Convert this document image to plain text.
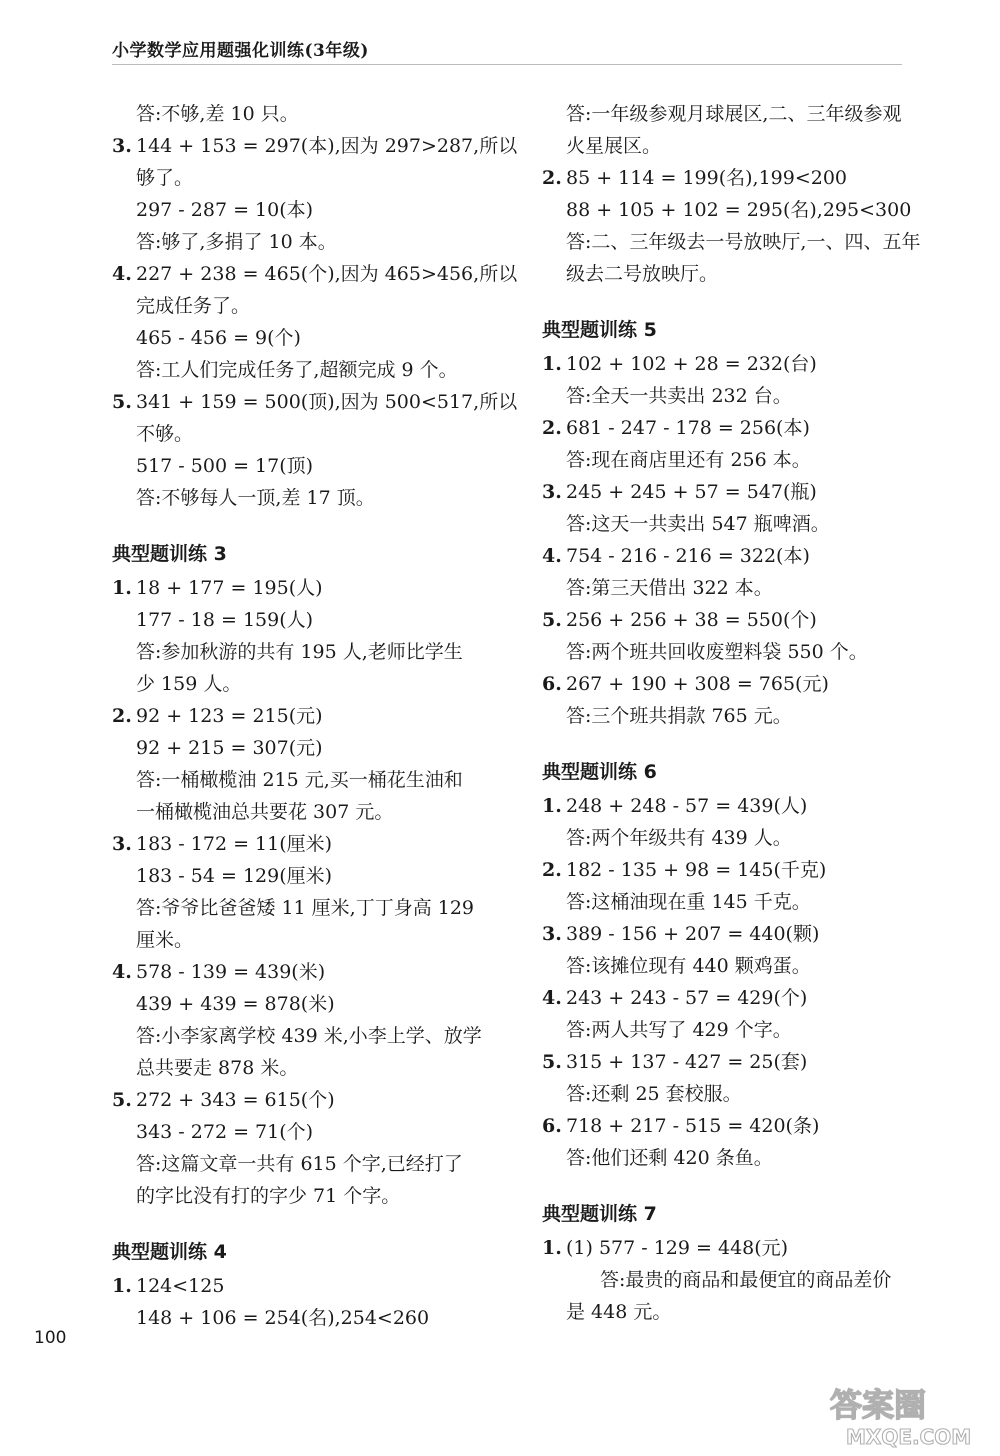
小学数学应用题强化训练(3年级)
答:不够,差 10 只。
3. 144 + 153 = 297(本),因为 297>287,所以
够了。
297 - 287 = 10(本)
答:够了,多捐了 10 本。
4. 227 + 238 = 465(个),因为 465>456,所以
完成任务了。
465 - 456 = 9(个)
答:工人们完成任务了,超额完成 9 个。
5. 341 + 159 = 500(顶),因为 500<517,所以
不够。
517 - 500 = 17(顶)
答:不够每人一顶,差 17 顶。
典型题训练 3
1. 18 + 177 = 195(人)
177 - 18 = 159(人)
答:参加秋游的共有 195 人,老师比学生
少 159 人。
2. 92 + 123 = 215(元)
92 + 215 = 307(元)
答:一桶橄榄油 215 元,买一桶花生油和
一桶橄榄油总共要花 307 元。
3. 183 - 172 = 11(厘米)
183 - 54 = 129(厘米)
答:爷爷比爸爸矮 11 厘米,丁丁身高 129
厘米。
4. 578 - 139 = 439(米)
439 + 439 = 878(米)
答:小李家离学校 439 米,小李上学、放学
总共要走 878 米。
5. 272 + 343 = 615(个)
343 - 272 = 71(个)
答:这篇文章一共有 615 个字,已经打了
的字比没有打的字少 71 个字。
典型题训练 4
1. 124<125
148 + 106 = 254(名),254<260
答:一年级参观月球展区,二、三年级参观
火星展区。
2. 85 + 114 = 199(名),199<200
88 + 105 + 102 = 295(名),295<300
答:二、三年级去一号放映厅,一、四、五年
级去二号放映厅。
典型题训练 5
1. 102 + 102 + 28 = 232(台)
答:全天一共卖出 232 台。
2. 681 - 247 - 178 = 256(本)
答:现在商店里还有 256 本。
3. 245 + 245 + 57 = 547(瓶)
答:这天一共卖出 547 瓶啤酒。
4. 754 - 216 - 216 = 322(本)
答:第三天借出 322 本。
5. 256 + 256 + 38 = 550(个)
答:两个班共回收废塑料袋 550 个。
6. 267 + 190 + 308 = 765(元)
答:三个班共捐款 765 元。
典型题训练 6
1. 248 + 248 - 57 = 439(人)
答:两个年级共有 439 人。
2. 182 - 135 + 98 = 145(千克)
答:这桶油现在重 145 千克。
3. 389 - 156 + 207 = 440(颗)
答:该摊位现有 440 颗鸡蛋。
4. 243 + 243 - 57 = 429(个)
答:两人共写了 429 个字。
5. 315 + 137 - 427 = 25(套)
答:还剩 25 套校服。
6. 718 + 217 - 515 = 420(条)
答:他们还剩 420 条鱼。
典型题训练 7
1. (1) 577 - 129 = 448(元)
答:最贵的商品和最便宜的商品差价
是 448 元。
100
答案圈
MXQE.COM
